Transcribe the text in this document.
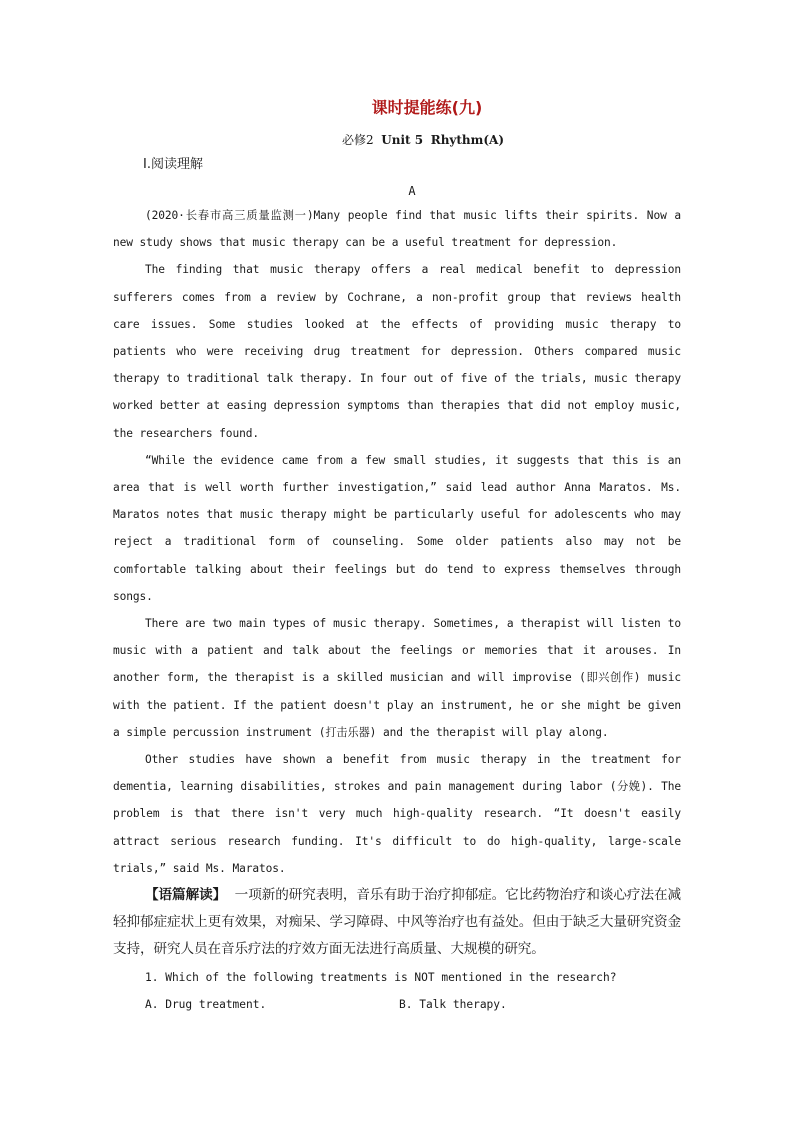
课时提能练(九)
必修2 Unit 5 Rhythm(A)
Ⅰ.阅读理解
A

(2020·长春市高三质量监测一)Many people find that music lifts their spirits. Now a new study shows that music therapy can be a useful treatment for depression.

The finding that music therapy offers a real medical benefit to depression sufferers comes from a review by Cochrane, a non-profit group that reviews health care issues. Some studies looked at the effects of providing music therapy to patients who were receiving drug treatment for depression. Others compared music therapy to traditional talk therapy. In four out of five of the trials, music therapy worked better at easing depression symptoms than therapies that did not employ music, the researchers found.

“While the evidence came from a few small studies, it suggests that this is an area that is well worth further investigation,” said lead author Anna Maratos. Ms. Maratos notes that music therapy might be particularly useful for adolescents who may reject a traditional form of counseling. Some older patients also may not be comfortable talking about their feelings but do tend to express themselves through songs.

There are two main types of music therapy. Sometimes, a therapist will listen to music with a patient and talk about the feelings or memories that it arouses. In another form, the therapist is a skilled musician and will improvise (即兴创作) music with the patient. If the patient doesn't play an instrument, he or she might be given a simple percussion instrument (打击乐器) and the therapist will play along.

Other studies have shown a benefit from music therapy in the treatment for dementia, learning disabilities, strokes and pain management during labor (分娩). The problem is that there isn't very much high-quality research. “It doesn't easily attract serious research funding. It's difficult to do high-quality, large-scale trials,” said Ms. Maratos.

【语篇解读】 一项新的研究表明，音乐有助于治疗抑郁症。它比药物治疗和谈心疗法在减轻抑郁症症状上更有效果，对痴呆、学习障碍、中风等治疗也有益处。但由于缺乏大量研究资金支持，研究人员在音乐疗法的疗效方面无法进行高质量、大规模的研究。

1. Which of the following treatments is NOT mentioned in the research?

A. Drug treatment.	B. Talk therapy.
